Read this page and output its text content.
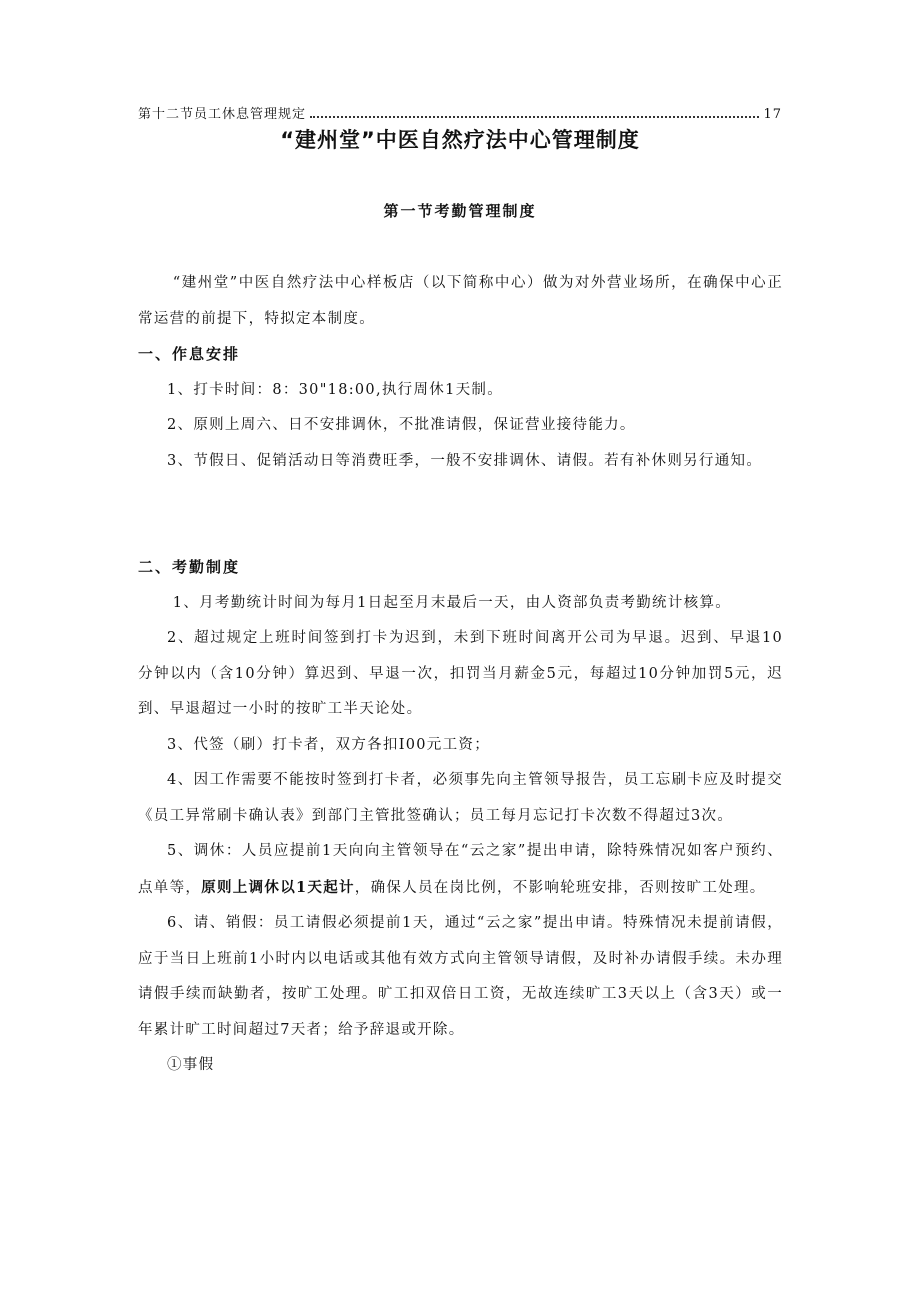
第十二节员工休息管理规定	17
“建州堂”中医自然疗法中心管理制度
第一节考勤管理制度

“建州堂”中医自然疗法中心样板店（以下简称中心）做为对外营业场所，在确保中心正常运营的前提下，特拟定本制度。

一、作息安排

1、打卡时间：8：30"18:00,执行周休1天制。

2、原则上周六、日不安排调休，不批准请假，保证营业接待能力。

3、节假日、促销活动日等消费旺季，一般不安排调休、请假。若有补休则另行通知。

二、考勤制度

1、月考勤统计时间为每月1日起至月末最后一天，由人资部负责考勤统计核算。

2、超过规定上班时间签到打卡为迟到，未到下班时间离开公司为早退。迟到、早退10分钟以内（含10分钟）算迟到、早退一次，扣罚当月薪金5元，每超过10分钟加罚5元，迟到、早退超过一小时的按旷工半天论处。

3、代签（刷）打卡者，双方各扣I00元工资；

4、因工作需要不能按时签到打卡者，必须事先向主管领导报告，员工忘刷卡应及时提交《员工异常刷卡确认表》到部门主管批签确认；员工每月忘记打卡次数不得超过3次。

5、调休：人员应提前1天向向主管领导在“云之家”提出申请，除特殊情况如客户预约、点单等，原则上调休以1天起计，确保人员在岗比例，不影响轮班安排，否则按旷工处理。

6、请、销假：员工请假必须提前1天，通过“云之家”提出申请。特殊情况未提前请假，应于当日上班前1小时内以电话或其他有效方式向主管领导请假，及时补办请假手续。未办理请假手续而缺勤者，按旷工处理。旷工扣双倍日工资，无故连续旷工3天以上（含3天）或一年累计旷工时间超过7天者；给予辞退或开除。

①事假
